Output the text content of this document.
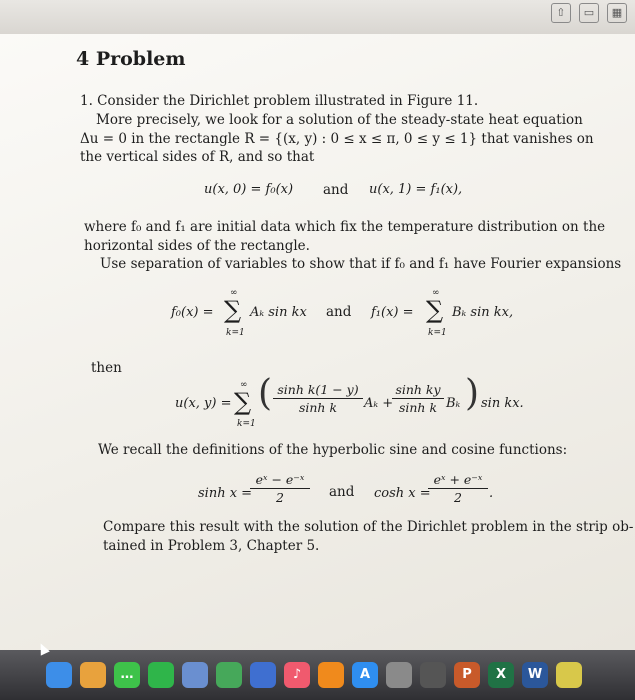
⇧	▭	▦
4 Problem
1. Consider the Dirichlet problem illustrated in Figure 11.
More precisely, we look for a solution of the steady-state heat equation
Δu = 0 in the rectangle R = {(x, y) : 0 ≤ x ≤ π, 0 ≤ y ≤ 1} that vanishes on
the vertical sides of R, and so that
u(x, 0) = f₀(x) and u(x, 1) = f₁(x),
where f₀ and f₁ are initial data which fix the temperature distribution on the
horizontal sides of the rectangle.
Use separation of variables to show that if f₀ and f₁ have Fourier expansions
f₀(x) =
∞
∑
k=1
Aₖ sin kx and f₁(x) =
∞
∑
k=1
Bₖ sin kx,
then
u(x, y) =
∞
∑
k=1
( sinh k(1 − y)
sinh k	Aₖ +
sinh ky
sinh k Bₖ ) sin kx.
We recall the definitions of the hyperbolic sine and cosine functions:
sinh x =
eˣ − e⁻ˣ
2	and cosh x =
eˣ + e⁻ˣ
2	.
Compare this result with the solution of the Dirichlet problem in the strip ob-
tained in Problem 3, Chapter 5.
…	♪	A	P	X	W
